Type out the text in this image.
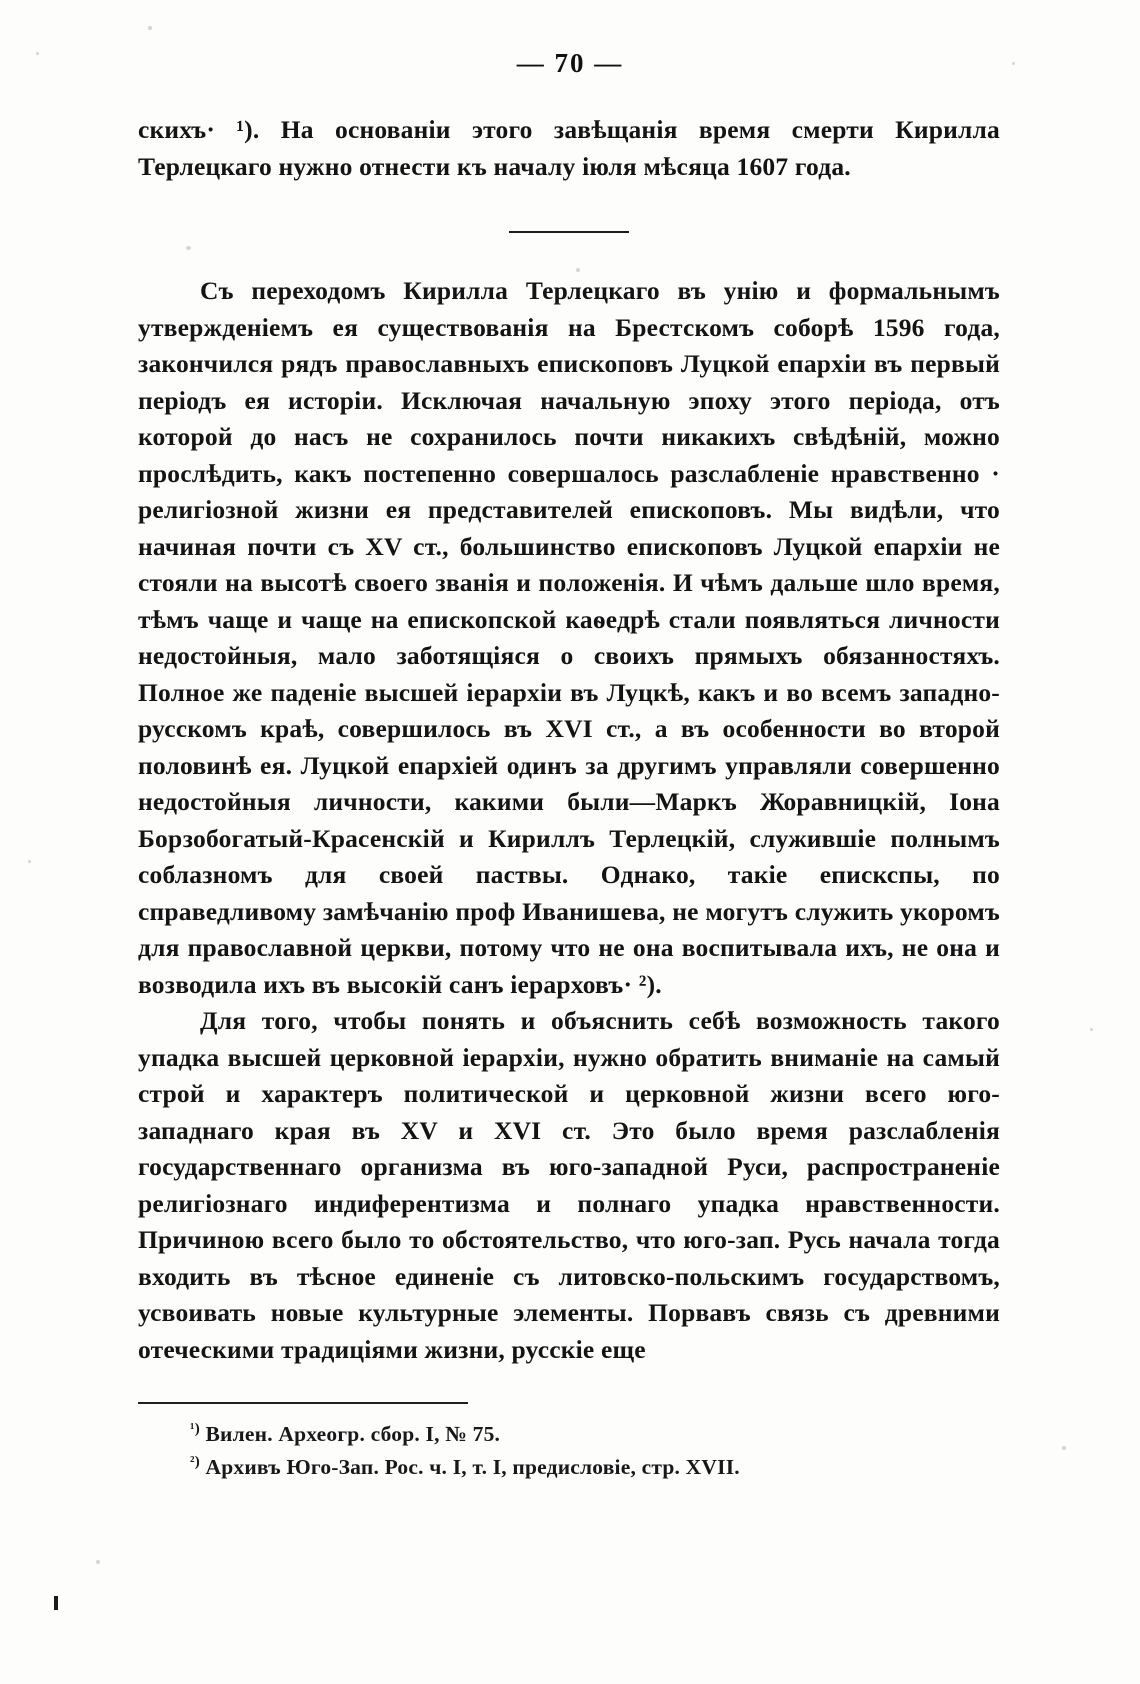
— 70 —

скихъ· ¹). На основаніи этого завѣщанія время смерти Кирилла Терлецкаго нужно отнести къ началу іюля мѣсяца 1607 года.

Съ переходомъ Кирилла Терлецкаго въ унію и формальнымъ утвержденіемъ ея существованія на Брестскомъ соборѣ 1596 года, закончился рядъ православныхъ епископовъ Луцкой епархіи въ первый періодъ ея исторіи. Исключая начальную эпоху этого періода, отъ которой до насъ не сохранилось почти никакихъ свѣдѣній, можно прослѣдить, какъ постепенно совершалось разслабленіе нравственно · религіозной жизни ея представителей епископовъ. Мы видѣли, что начиная почти съ XV ст., большинство епископовъ Луцкой епархіи не стояли на высотѣ своего званія и положенія. И чѣмъ дальше шло время, тѣмъ чаще и чаще на епископской каѳедрѣ стали появляться личности недостойныя, мало заботящіяся о своихъ прямыхъ обязанностяхъ. Полное же паденіе высшей іерархіи въ Луцкѣ, какъ и во всемъ западно-русскомъ краѣ, совершилось въ XVI ст., а въ особенности во второй половинѣ ея. Луцкой епархіей одинъ за другимъ управляли совершенно недостойныя личности, какими были—Маркъ Жоравницкій, Іона Борзобогатый-Красенскій и Кириллъ Терлецкій, служившіе полнымъ соблазномъ для своей паствы. Однако, такіе епискспы, по справедливому замѣчанію проф Иванишева, не могутъ служить укоромъ для православной церкви, потому что не она воспитывала ихъ, не она и возводила ихъ въ высокій санъ іерарховъ· ²).

Для того, чтобы понять и объяснить себѣ возможность такого упадка высшей церковной іерархіи, нужно обратить вниманіе на самый строй и характеръ политической и церковной жизни всего юго-западнаго края въ XV и XVI ст. Это было время разслабленія государственнаго организма въ юго-западной Руси, распространеніе религіознаго индиферентизма и полнаго упадка нравственности. Причиною всего было то обстоятельство, что юго-зап. Русь начала тогда входить въ тѣсное единеніе съ литовско-польскимъ государствомъ, усвоивать новые культурные элементы. Порвавъ связь съ древними отеческими традиціями жизни, русскіе еще

$^{^1)}$ Вилен. Археогр. сбор. I, № 75.
$^{^2)}$ Архивъ Юго-Зап. Рос. ч. I, т. I, предисловіе, стр. XVII.
